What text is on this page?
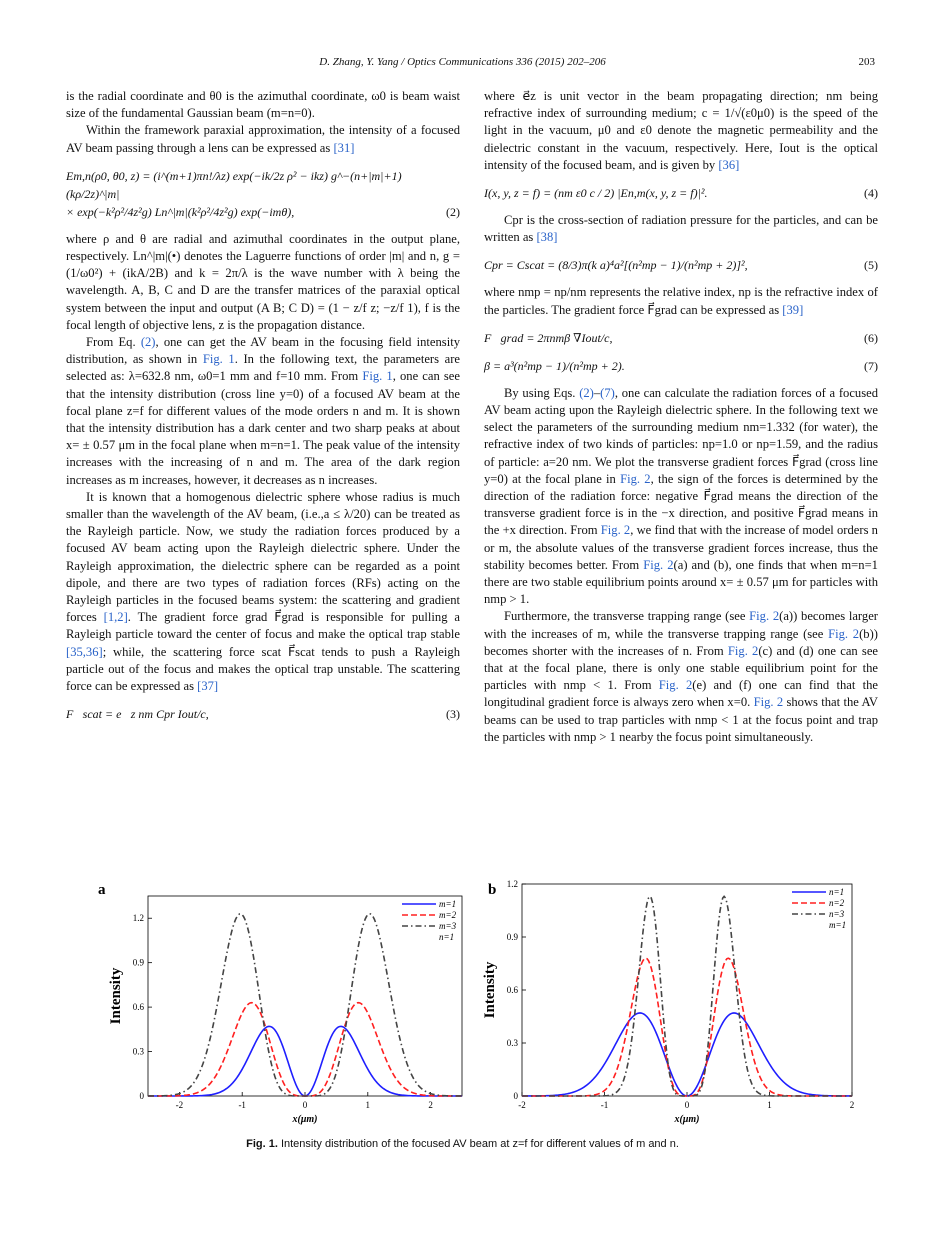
D. Zhang, Y. Yang / Optics Communications 336 (2015) 202–206	203

is the radial coordinate and θ0 is the azimuthal coordinate, ω0 is beam waist size of the fundamental Gaussian beam (m=n=0).

Within the framework paraxial approximation, the intensity of a focused AV beam passing through a lens can be expressed as [31]

Em,n(ρ0, θ0, z) = (i^(m+1)πn!/λz) exp(−ik/2z ρ² − ikz) g^−(n+|m|+1) (kρ/2z)^|m|
× exp(−k²ρ²/4z²g) Ln^|m|(k²ρ²/4z²g) exp(−imθ),	(2)

where ρ and θ are radial and azimuthal coordinates in the output plane, respectively. Ln^|m|(•) denotes the Laguerre functions of order |m| and n, g = (1/ω0²) + (ikA/2B) and k = 2π/λ is the wave number with λ being the wavelength. A, B, C and D are the transfer matrices of the paraxial optical system between the input and output (A B; C D) = (1 − z/f z; −z/f 1), f is the focal length of objective lens, z is the propagation distance.

From Eq. (2), one can get the AV beam in the focusing field intensity distribution, as shown in Fig. 1. In the following text, the parameters are selected as: λ=632.8 nm, ω0=1 mm and f=10 mm. From Fig. 1, one can see that the intensity distribution (cross line y=0) of a focused AV beam at the focal plane z=f for different values of the mode orders n and m. It is shown that the intensity distribution has a dark center and two sharp peaks at about x= ± 0.57 μm in the focal plane when m=n=1. The peak value of the intensity increases with the increasing of n and m. The area of the dark region increases as m increases, however, it decreases as n increases.

It is known that a homogenous dielectric sphere whose radius is much smaller than the wavelength of the AV beam, (i.e.,a ≤ λ/20) can be treated as the Rayleigh particle. Now, we study the radiation forces produced by a focused AV beam acting upon the Rayleigh dielectric sphere. Under the Rayleigh approximation, the dielectric sphere can be regarded as a point dipole, and there are two types of radiation forces (RFs) acting on the Rayleigh particles in the focused beams system: the scattering and gradient forces [1,2]. The gradient force grad F⃗grad is responsible for pulling a Rayleigh particle toward the center of focus and make the optical trap stable [35,36]; while, the scattering force scat F⃗scat tends to push a Rayleigh particle out of the focus and makes the optical trap unstable. The scattering force can be expressed as [37]

F⃗scat = e⃗z nm Cpr Iout/c,	(3)

where e⃗z is unit vector in the beam propagating direction; nm being refractive index of surrounding medium; c = 1/√(ε0μ0) is the speed of the light in the vacuum, μ0 and ε0 denote the magnetic permeability and the dielectric constant in the vacuum, respectively. Here, Iout is the optical intensity of the focused beam, and is given by [36]

I(x, y, z = f) = (nm ε0 c / 2) |En,m(x, y, z = f)|².	(4)

Cpr is the cross-section of radiation pressure for the particles, and can be written as [38]

Cpr = Cscat = (8/3)π(k a)⁴a²[(n²mp − 1)/(n²mp + 2)]²,	(5)

where nmp = np/nm represents the relative index, np is the refractive index of the particles. The gradient force F⃗grad can be expressed as [39]

F⃗grad = 2πnmβ ∇Iout/c,	(6)
β = a³(n²mp − 1)/(n²mp + 2).	(7)

By using Eqs. (2)–(7), one can calculate the radiation forces of a focused AV beam acting upon the Rayleigh dielectric sphere. In the following text we select the parameters of the surrounding medium nm=1.332 (for water), the refractive index of two kinds of particles: np=1.0 or np=1.59, and the radius of particle: a=20 nm. We plot the transverse gradient forces F⃗grad (cross line y=0) at the focal plane in Fig. 2, the sign of the forces is determined by the direction of the radiation force: negative F⃗grad means the direction of the transverse gradient force is in the −x direction, and positive F⃗grad means in the +x direction. From Fig. 2, we find that with the increase of model orders n or m, the absolute values of the transverse gradient forces increase, thus the stability becomes better. From Fig. 2(a) and (b), one finds that when m=n=1 there are two stable equilibrium points around x= ± 0.57 μm for particles with nmp > 1.

Furthermore, the transverse trapping range (see Fig. 2(a)) becomes larger with the increases of m, while the transverse trapping range (see Fig. 2(b)) becomes shorter with the increases of n. From Fig. 2(c) and (d) one can see that at the focal plane, there is only one stable equilibrium point for the particles with nmp < 1. From Fig. 2(e) and (f) one can find that the longitudinal gradient force is always zero when x=0. Fig. 2 shows that the AV beams can be used to trap particles with nmp < 1 at the focus point and trap the particles with nmp > 1 nearby the focus point simultaneously.

a
-2	-1	0	1	2
0
0.3
0.6
0.9
1.2
x(μm)
Intensity
m=1
m=2
m=3
n=1
b
-2	-1	0	1	2
0
0.3
0.6
0.9
1.2
x(μm)
Intensity
n=1
n=2
n=3
m=1
Fig. 1. Intensity distribution of the focused AV beam at z=f for different values of m and n.
